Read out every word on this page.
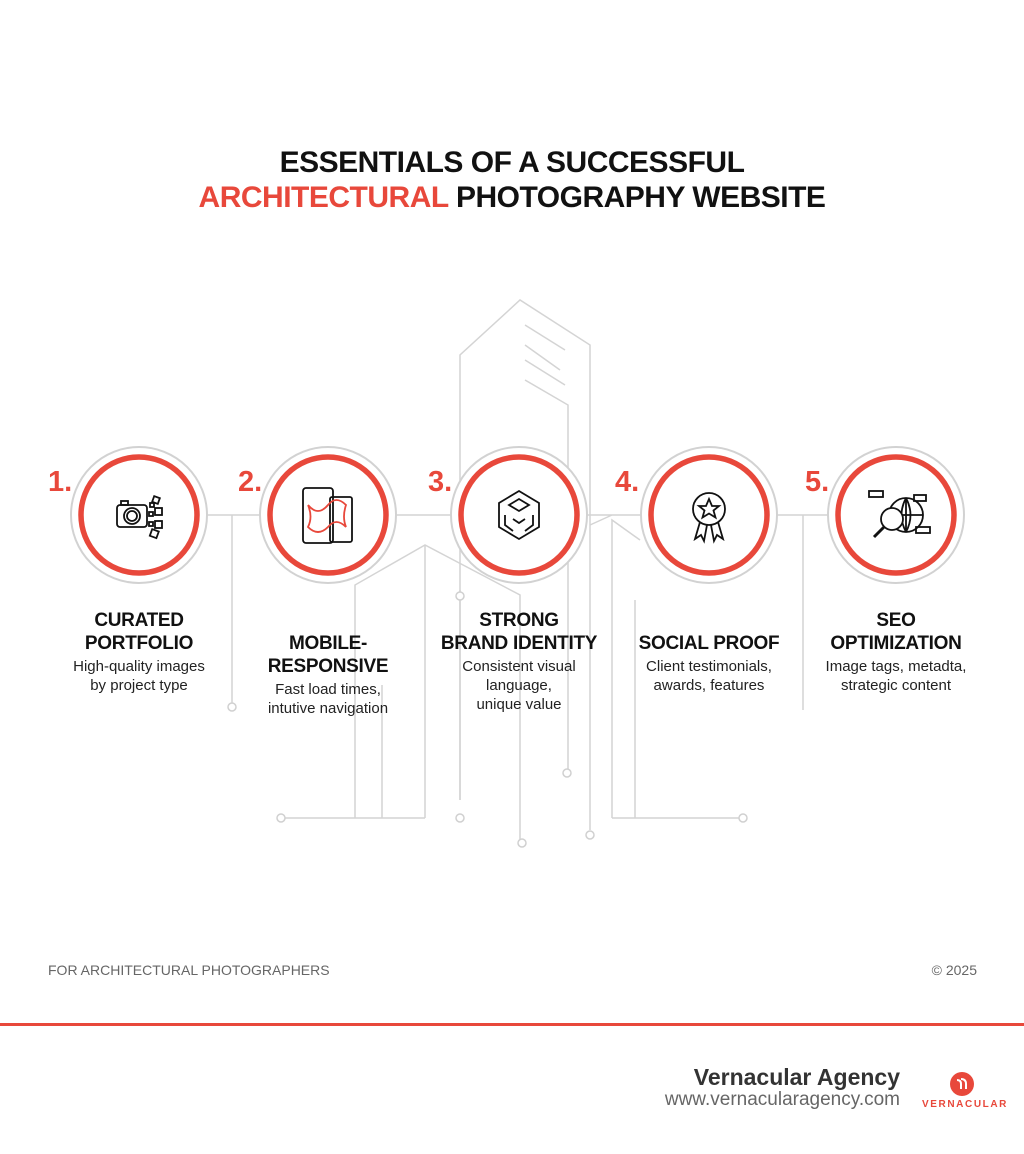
ESSENTIALS OF A SUCCESSFUL
ARCHITECTURAL PHOTOGRAPHY WEBSITE
1.
CURATED
PORTFOLIO
High-quality images
by project type
2.
MOBILE-RESPONSIVE
Fast load times,
intutive navigation
3.
STRONG
BRAND IDENTITY
Consistent visual
language,
unique value
4.
SOCIAL PROOF
Client testimonials,
awards, features
5.
SEO
OPTIMIZATION
Image tags, metadta,
strategic content
FOR ARCHITECTURAL PHOTOGRAPHERS	© 2025
Vernacular Agency
www.vernacularagency.com VERNACULAR
